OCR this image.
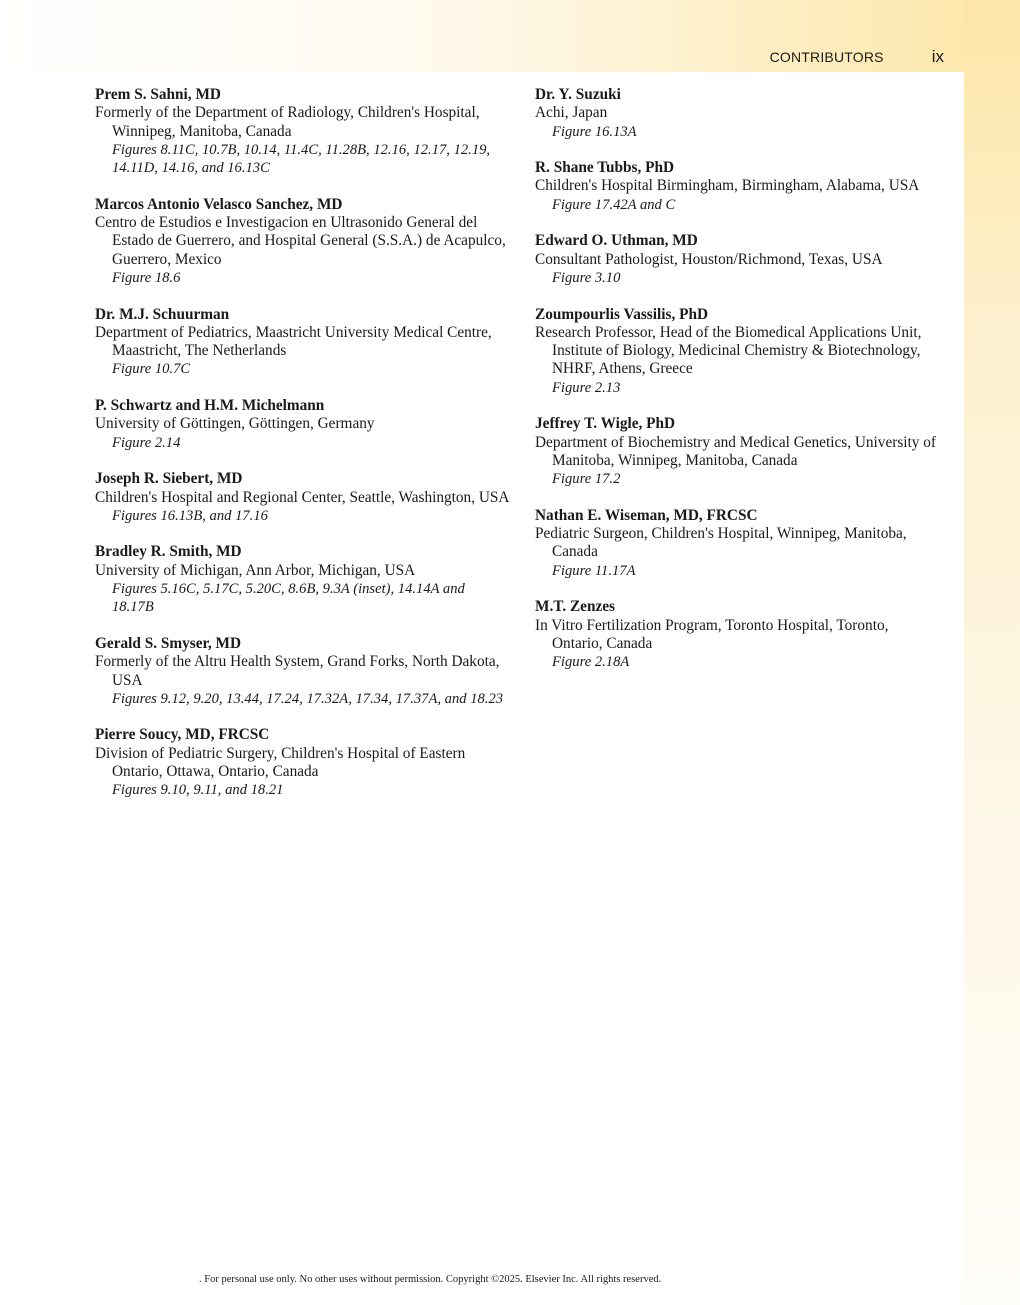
CONTRIBUTORS	ix
Prem S. Sahni, MD
Formerly of the Department of Radiology, Children's Hospital, Winnipeg, Manitoba, Canada
Figures 8.11C, 10.7B, 10.14, 11.4C, 11.28B, 12.16, 12.17, 12.19, 14.11D, 14.16, and 16.13C
Marcos Antonio Velasco Sanchez, MD
Centro de Estudios e Investigacion en Ultrasonido General del Estado de Guerrero, and Hospital General (S.S.A.) de Acapulco, Guerrero, Mexico
Figure 18.6
Dr. M.J. Schuurman
Department of Pediatrics, Maastricht University Medical Centre, Maastricht, The Netherlands
Figure 10.7C
P. Schwartz and H.M. Michelmann
University of Göttingen, Göttingen, Germany
Figure 2.14
Joseph R. Siebert, MD
Children's Hospital and Regional Center, Seattle, Washington, USA
Figures 16.13B, and 17.16
Bradley R. Smith, MD
University of Michigan, Ann Arbor, Michigan, USA
Figures 5.16C, 5.17C, 5.20C, 8.6B, 9.3A (inset), 14.14A and 18.17B
Gerald S. Smyser, MD
Formerly of the Altru Health System, Grand Forks, North Dakota, USA
Figures 9.12, 9.20, 13.44, 17.24, 17.32A, 17.34, 17.37A, and 18.23
Pierre Soucy, MD, FRCSC
Division of Pediatric Surgery, Children's Hospital of Eastern Ontario, Ottawa, Ontario, Canada
Figures 9.10, 9.11, and 18.21
Dr. Y. Suzuki
Achi, Japan
Figure 16.13A
R. Shane Tubbs, PhD
Children's Hospital Birmingham, Birmingham, Alabama, USA
Figure 17.42A and C
Edward O. Uthman, MD
Consultant Pathologist, Houston/Richmond, Texas, USA
Figure 3.10
Zoumpourlis Vassilis, PhD
Research Professor, Head of the Biomedical Applications Unit, Institute of Biology, Medicinal Chemistry & Biotechnology, NHRF, Athens, Greece
Figure 2.13
Jeffrey T. Wigle, PhD
Department of Biochemistry and Medical Genetics, University of Manitoba, Winnipeg, Manitoba, Canada
Figure 17.2
Nathan E. Wiseman, MD, FRCSC
Pediatric Surgeon, Children's Hospital, Winnipeg, Manitoba, Canada
Figure 11.17A
M.T. Zenzes
In Vitro Fertilization Program, Toronto Hospital, Toronto, Ontario, Canada
Figure 2.18A
. For personal use only. No other uses without permission. Copyright ©2025. Elsevier Inc. All rights reserved.
